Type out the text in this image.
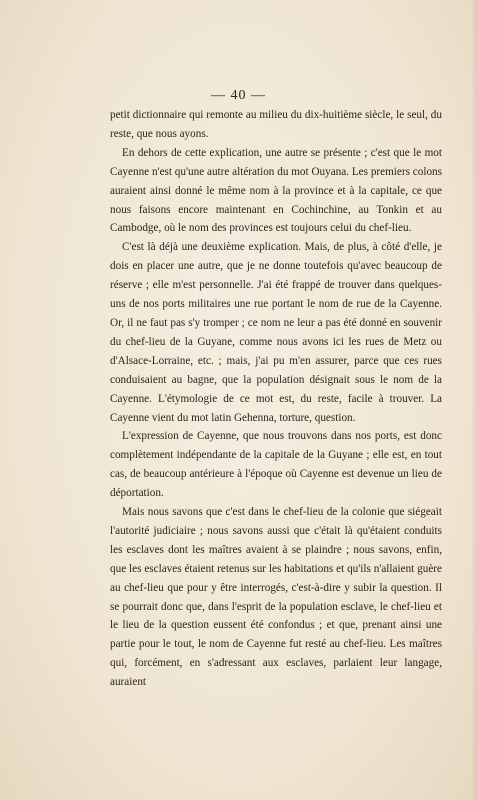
— 40 —

petit dictionnaire qui remonte au milieu du dix-huitième siècle, le seul, du reste, que nous ayons.

En dehors de cette explication, une autre se présente ; c'est que le mot Cayenne n'est qu'une autre altération du mot Ouyana. Les premiers colons auraient ainsi donné le même nom à la province et à la capitale, ce que nous faisons encore maintenant en Cochinchine, au Tonkin et au Cambodge, où le nom des provinces est toujours celui du chef-lieu.

C'est là déjà une deuxième explication. Mais, de plus, à côté d'elle, je dois en placer une autre, que je ne donne toutefois qu'avec beaucoup de réserve ; elle m'est personnelle. J'ai été frappé de trouver dans quelques-uns de nos ports militaires une rue portant le nom de rue de la Cayenne. Or, il ne faut pas s'y tromper ; ce nom ne leur a pas été donné en souvenir du chef-lieu de la Guyane, comme nous avons ici les rues de Metz ou d'Alsace-Lorraine, etc. ; mais, j'ai pu m'en assurer, parce que ces rues conduisaient au bagne, que la population désignait sous le nom de la Cayenne. L'étymologie de ce mot est, du reste, facile à trouver. La Cayenne vient du mot latin Gehenna, torture, question.

L'expression de Cayenne, que nous trouvons dans nos ports, est donc complètement indépendante de la capitale de la Guyane ; elle est, en tout cas, de beaucoup antérieure à l'époque où Cayenne est devenue un lieu de déportation.

Mais nous savons que c'est dans le chef-lieu de la colonie que siégeait l'autorité judiciaire ; nous savons aussi que c'était là qu'étaient conduits les esclaves dont les maîtres avaient à se plaindre ; nous savons, enfin, que les esclaves étaient retenus sur les habitations et qu'ils n'allaient guère au chef-lieu que pour y être interrogés, c'est-à-dire y subir la question. Il se pourrait donc que, dans l'esprit de la population esclave, le chef-lieu et le lieu de la question eussent été confondus ; et que, prenant ainsi une partie pour le tout, le nom de Cayenne fut resté au chef-lieu. Les maîtres qui, forcément, en s'adressant aux esclaves, parlaient leur langage, auraient
